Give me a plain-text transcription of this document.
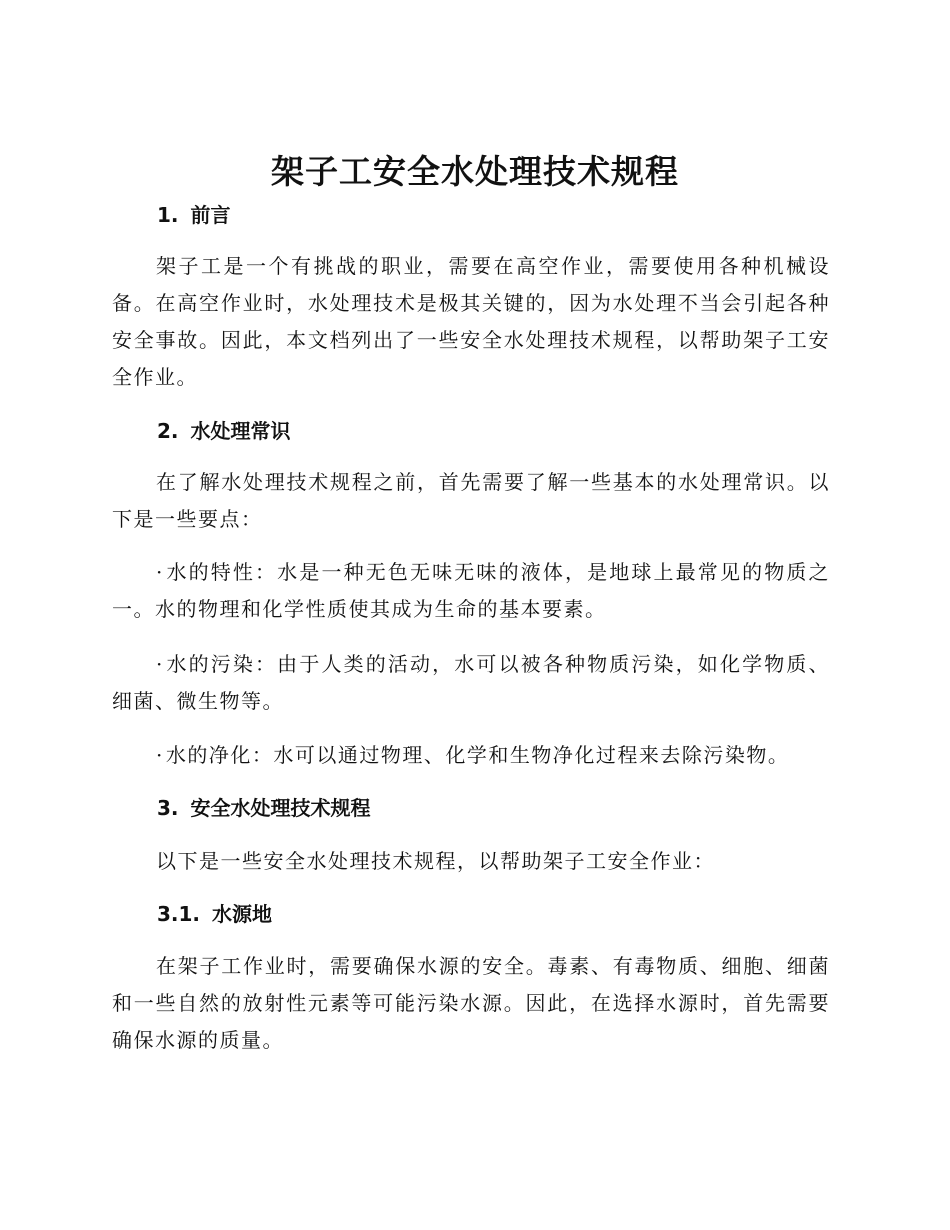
架子工安全水处理技术规程
1. 前言

架子工是一个有挑战的职业，需要在高空作业，需要使用各种机械设备。在高空作业时，水处理技术是极其关键的，因为水处理不当会引起各种安全事故。因此，本文档列出了一些安全水处理技术规程，以帮助架子工安全作业。

2. 水处理常识

在了解水处理技术规程之前，首先需要了解一些基本的水处理常识。以下是一些要点：

· 水的特性：水是一种无色无味无味的液体，是地球上最常见的物质之一。水的物理和化学性质使其成为生命的基本要素。

· 水的污染：由于人类的活动，水可以被各种物质污染，如化学物质、细菌、微生物等。

· 水的净化：水可以通过物理、化学和生物净化过程来去除污染物。

3. 安全水处理技术规程

以下是一些安全水处理技术规程，以帮助架子工安全作业：

3.1. 水源地

在架子工作业时，需要确保水源的安全。毒素、有毒物质、细胞、细菌和一些自然的放射性元素等可能污染水源。因此，在选择水源时，首先需要确保水源的质量。
